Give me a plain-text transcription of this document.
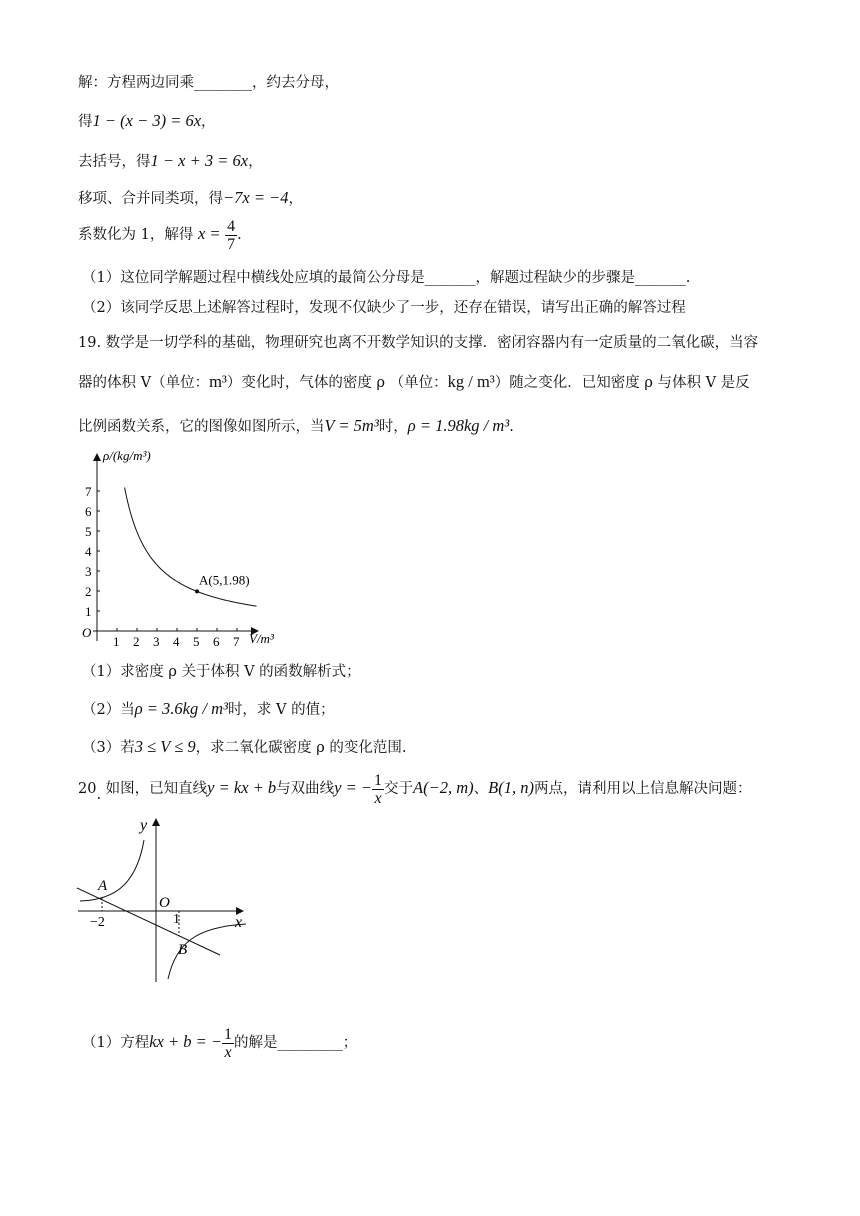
解：方程两边同乘________，约去分母，
得1 − (x − 3) = 6x，
去括号，得1 − x + 3 = 6x，
移项、合并同类项，得−7x = −4，
系数化为 1，解得 $x = \frac{4}{7}$ .
（1）这位同学解题过程中横线处应填的最简公分母是_______，解题过程缺少的步骤是_______.
（2）该同学反思上述解答过程时，发现不仅缺少了一步，还存在错误，请写出正确的解答过程
19. 数学是一切学科的基础，物理研究也离不开数学知识的支撑．密闭容器内有一定质量的二氧化碳，当容
器的体积 V（单位：m³）变化时，气体的密度 ρ （单位：kg / m³）随之变化．已知密度 ρ 与体积 V 是反
比例函数关系，它的图像如图所示，当V = 5m³时，ρ = 1.98kg / m³.
ρ/(kg/m³)
V/m³
O
1 2 3 4 5 6 7
1
2
3
4
5
6
7
A(5,1.98)
（1）求密度 ρ 关于体积 V 的函数解析式；
（2）当ρ = 3.6kg / m³时，求 V 的值；
（3）若3 ≤ V ≤ 9，求二氧化碳密度 ρ 的变化范围.
20. 如图，已知直线y = kx + b与双曲线y = − $\frac{1}{x}$ 交于A(−2, m)、B(1, n)两点，请利用以上信息解决问题：
x
y
O
A
B
−2	1
（1）方程kx + b = − $\frac{1}{x}$ 的解是_________；
